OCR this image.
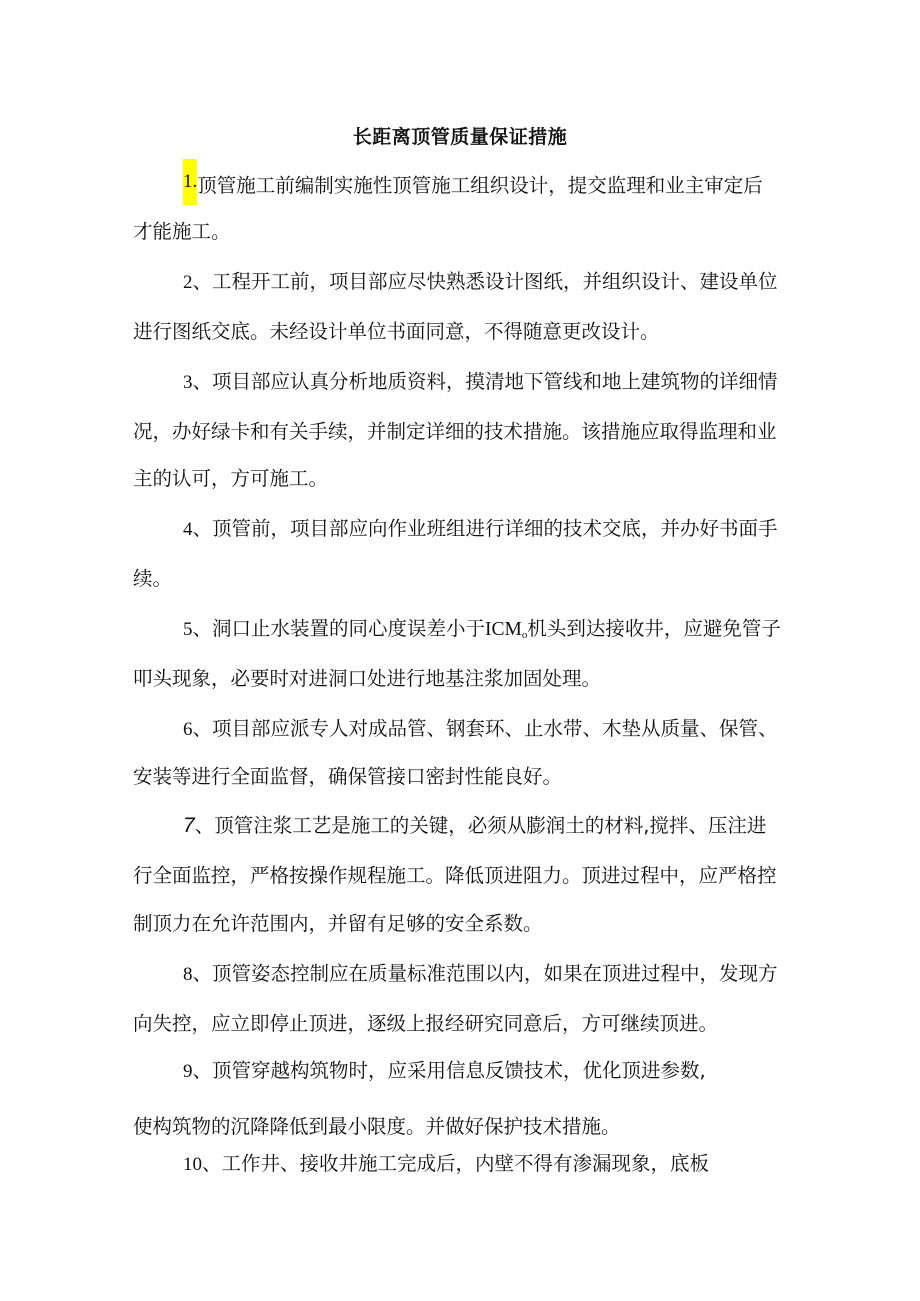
长距离顶管质量保证措施
1.顶管施工前编制实施性顶管施工组织设计，提交监理和业主审定后
才能施工。
2、工程开工前，项目部应尽快熟悉设计图纸，并组织设计、建设单位
进行图纸交底。未经设计单位书面同意，不得随意更改设计。
3、项目部应认真分析地质资料，摸清地下管线和地上建筑物的详细情
况，办好绿卡和有关手续，并制定详细的技术措施。该措施应取得监理和业
主的认可，方可施工。
4、顶管前，项目部应向作业班组进行详细的技术交底，并办好书面手
续。
5、洞口止水装置的同心度误差小于$ICM_o$机头到达接收井，应避免管子
叩头现象，必要时对进洞口处进行地基注浆加固处理。
6、项目部应派专人对成品管、钢套环、止水带、木垫从质量、保管、
安装等进行全面监督，确保管接口密封性能良好。
7、顶管注浆工艺是施工的关键，必须从膨润土的材料,搅拌、压注进
行全面监控，严格按操作规程施工。降低顶进阻力。顶进过程中，应严格控
制顶力在允许范围内，并留有足够的安全系数。
8、顶管姿态控制应在质量标准范围以内，如果在顶进过程中，发现方
向失控，应立即停止顶进，逐级上报经研究同意后，方可继续顶进。
9、顶管穿越构筑物时，应采用信息反馈技术，优化顶进参数,
使构筑物的沉降降低到最小限度。并做好保护技术措施。
10、工作井、接收井施工完成后，内壁不得有渗漏现象，底板
